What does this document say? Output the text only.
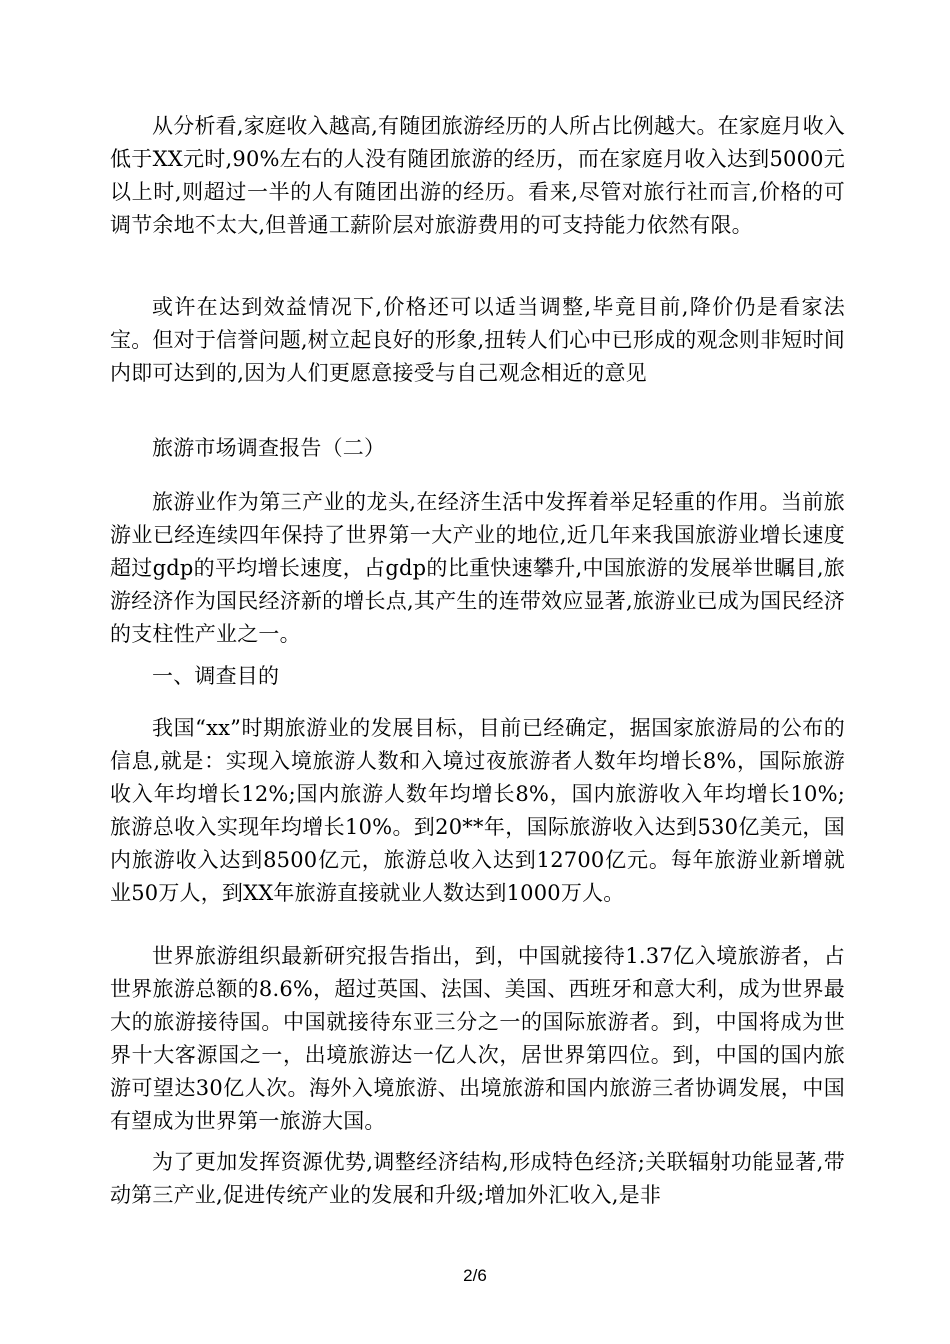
从分析看,家庭收入越高,有随团旅游经历的人所占比例越大。在家庭月收入低于XX元时,90%左右的人没有随团旅游的经历，而在家庭月收入达到5000元以上时,则超过一半的人有随团出游的经历。看来,尽管对旅行社而言,价格的可调节余地不太大,但普通工薪阶层对旅游费用的可支持能力依然有限。

或许在达到效益情况下,价格还可以适当调整,毕竟目前,降价仍是看家法宝。但对于信誉问题,树立起良好的形象,扭转人们心中已形成的观念则非短时间内即可达到的,因为人们更愿意接受与自己观念相近的意见

旅游市场调查报告（二）

旅游业作为第三产业的龙头,在经济生活中发挥着举足轻重的作用。当前旅游业已经连续四年保持了世界第一大产业的地位,近几年来我国旅游业增长速度超过gdp的平均增长速度，占gdp的比重快速攀升,中国旅游的发展举世瞩目,旅游经济作为国民经济新的增长点,其产生的连带效应显著,旅游业已成为国民经济的支柱性产业之一。

一、调查目的

我国“xx”时期旅游业的发展目标，目前已经确定，据国家旅游局的公布的信息,就是：实现入境旅游人数和入境过夜旅游者人数年均增长8%，国际旅游收入年均增长12%;国内旅游人数年均增长8%，国内旅游收入年均增长10%;旅游总收入实现年均增长10%。到20**年，国际旅游收入达到530亿美元，国内旅游收入达到8500亿元，旅游总收入达到12700亿元。每年旅游业新增就业50万人，到XX年旅游直接就业人数达到1000万人。

世界旅游组织最新研究报告指出，到，中国就接待1.37亿入境旅游者，占世界旅游总额的8.6%，超过英国、法国、美国、西班牙和意大利，成为世界最大的旅游接待国。中国就接待东亚三分之一的国际旅游者。到，中国将成为世界十大客源国之一，出境旅游达一亿人次，居世界第四位。到，中国的国内旅游可望达30亿人次。海外入境旅游、出境旅游和国内旅游三者协调发展，中国有望成为世界第一旅游大国。

为了更加发挥资源优势,调整经济结构,形成特色经济;关联辐射功能显著,带动第三产业,促进传统产业的发展和升级;增加外汇收入,是非

2/6
